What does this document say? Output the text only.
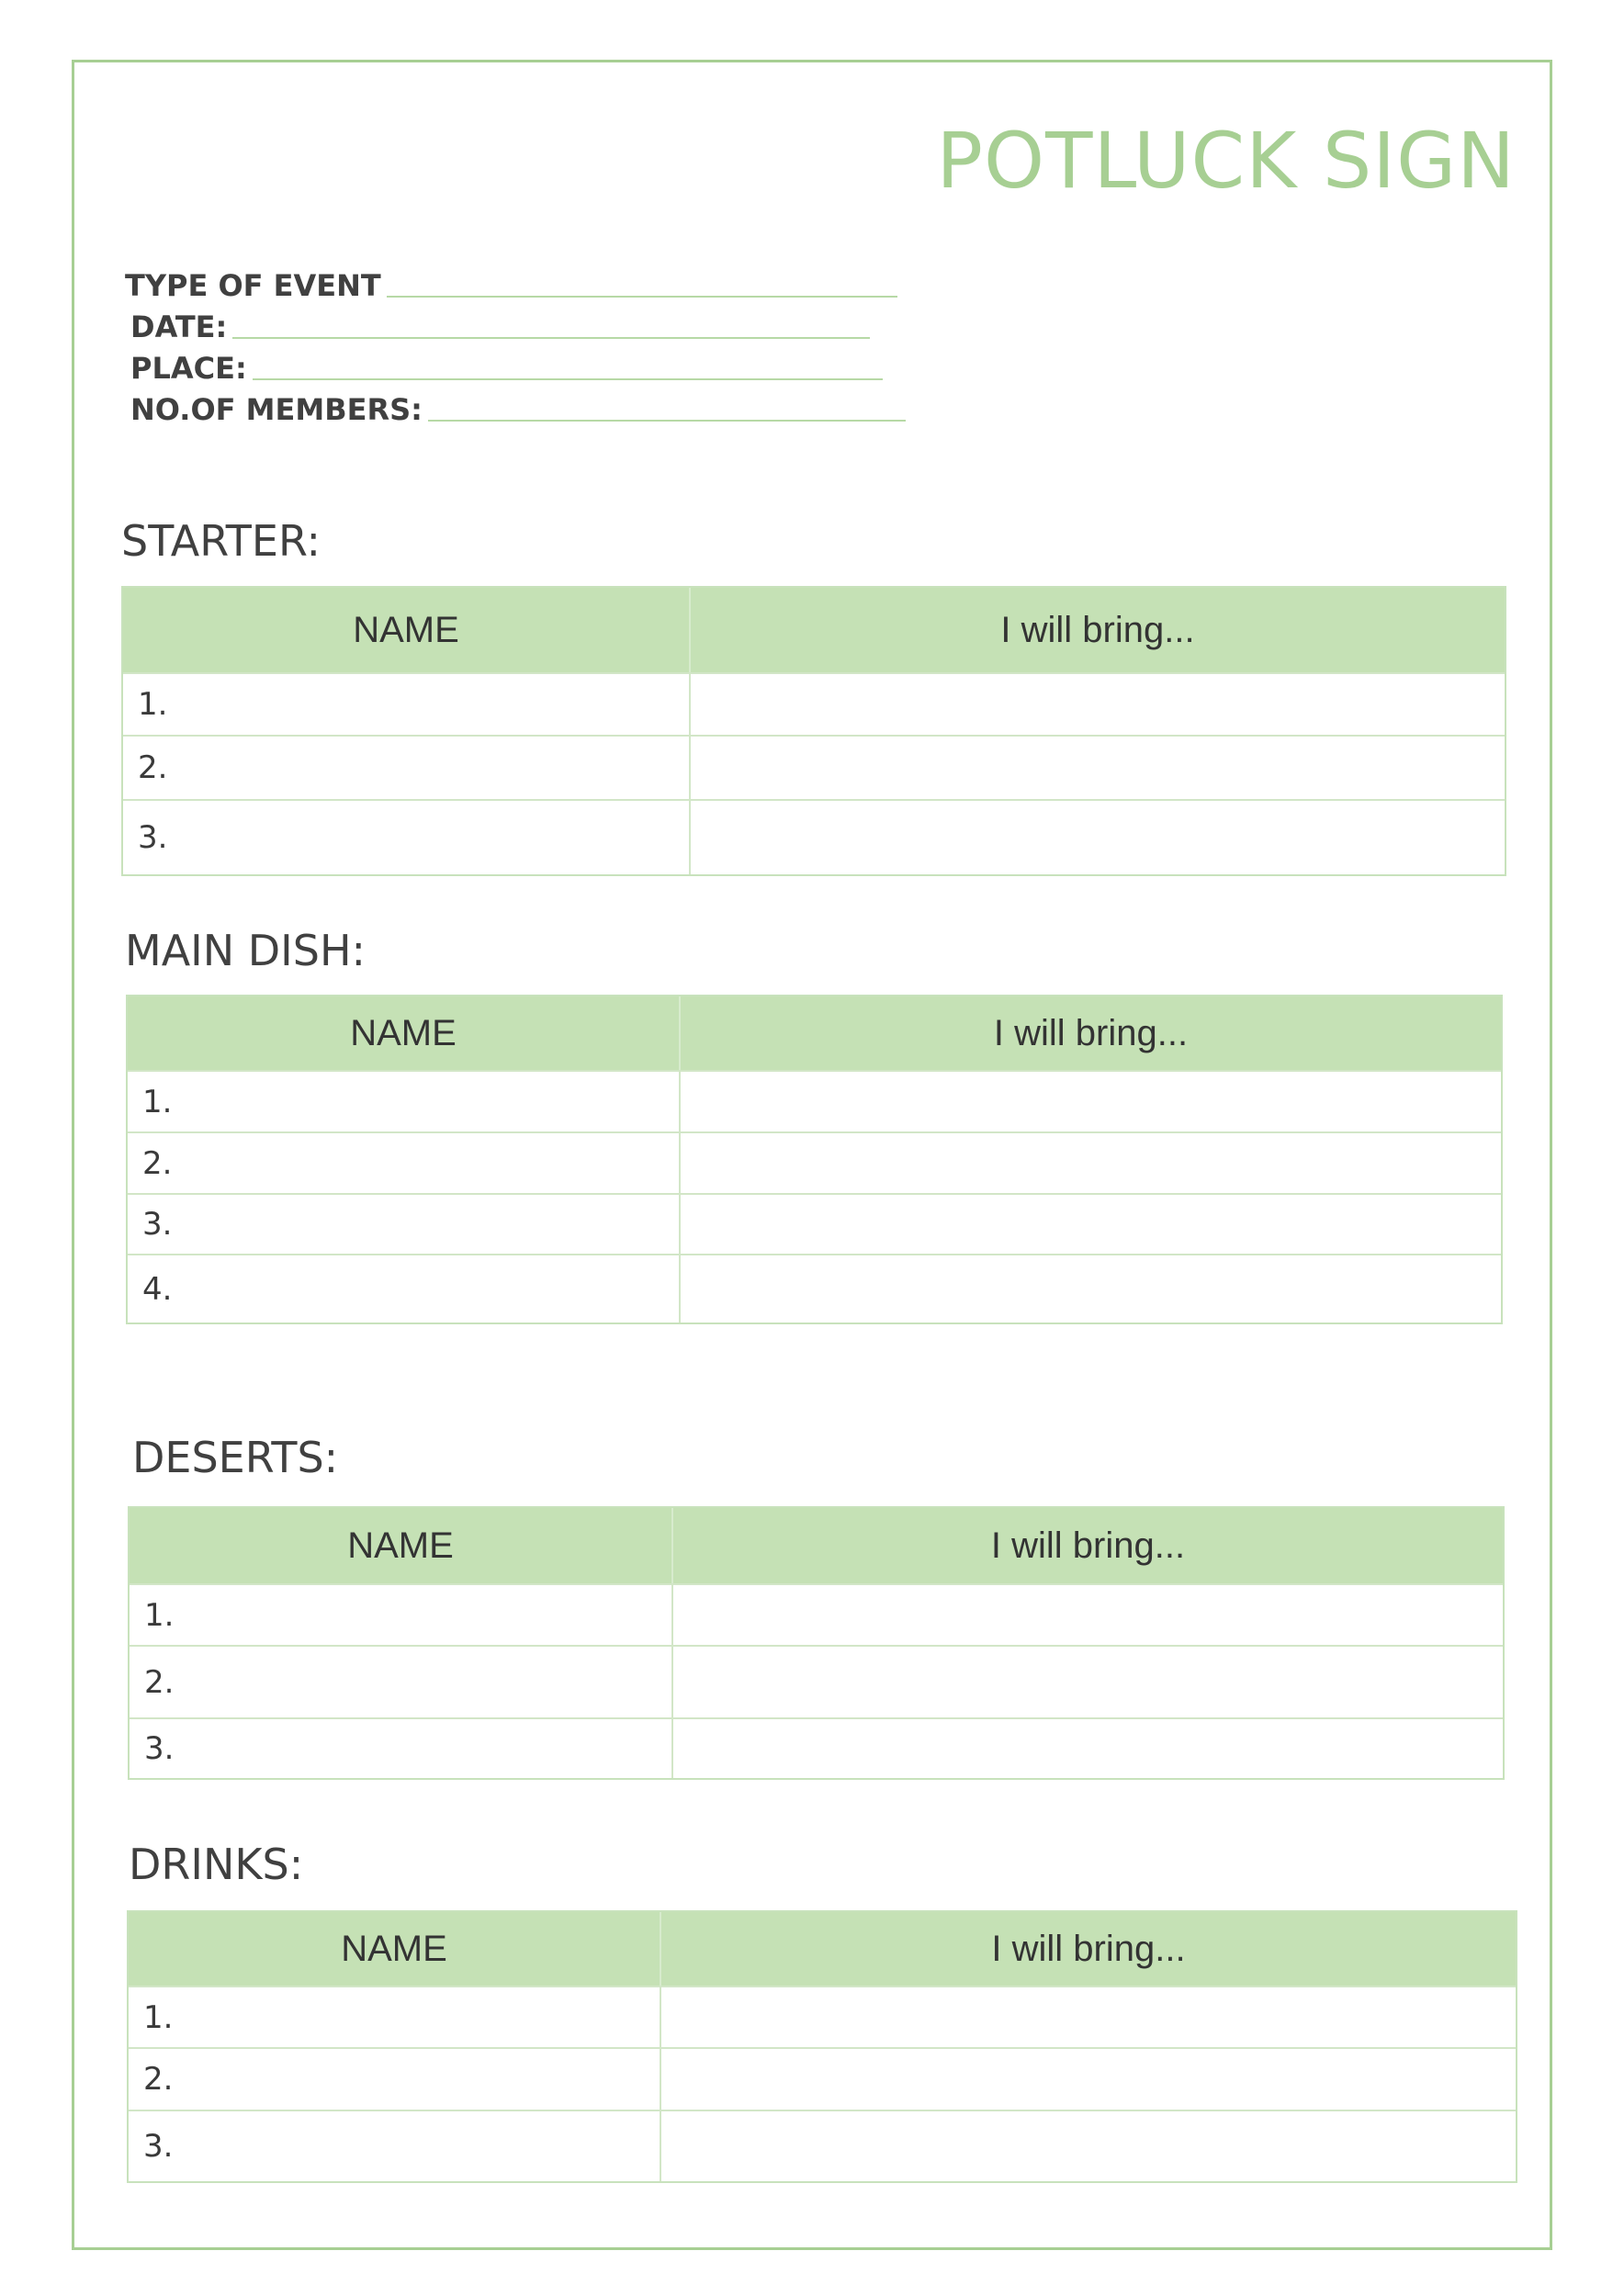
POTLUCK SIGN
TYPE OF EVENT
DATE:
PLACE:
NO.OF MEMBERS:
STARTER:
NAME	I will bring...
1.
2.
3.
MAIN DISH:
NAME	I will bring...
1.
2.
3.
4.
DESERTS:
NAME	I will bring...
1.
2.
3.
DRINKS:
NAME	I will bring...
1.
2.
3.
